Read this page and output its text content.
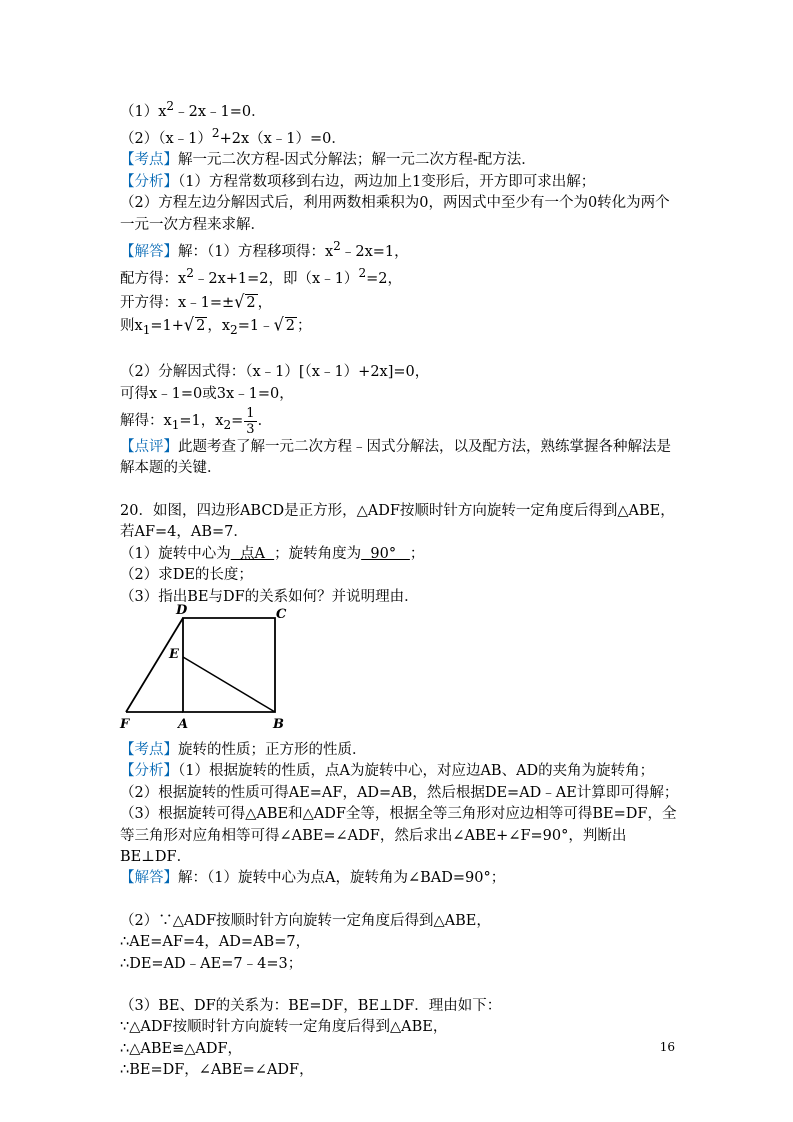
$(1)x^2﹣2x﹣1=0$．
（2）（x﹣1）$^2$+2x（x﹣1）=0．
【考点】解一元二次方程-因式分解法；解一元二次方程-配方法．
【分析】（1）方程常数项移到右边，两边加上1变形后，开方即可求出解；
（2）方程左边分解因式后，利用两数相乘积为0，两因式中至少有一个为0转化为两个一元一次方程来求解．
【解答】解：（1）方程移项得：$x^2﹣2x=1$，
配方得：$x^2﹣2x+1=2$，即（x﹣1）$^2$=2，
开方得：x﹣1=±√ 2 ，
则$x_1=1+√$ 2 ，$x_2=1﹣√$ 2 ；
（2）分解因式得：（x﹣1）[（x﹣1）+2x]=0，
可得x﹣1=0或3x﹣1=0，
解得：$x_1=1$，$x_2= \frac{1}{3}$ ．
【点评】此题考查了解一元二次方程﹣因式分解法，以及配方法，熟练掌握各种解法是解本题的关键．
20．如图，四边形ABCD是正方形，△ADF按顺时针方向旋转一定角度后得到△ABE，若AF=4，AB=7．
（1）旋转中心为  点A  ；旋转角度为  90°   ；
（2）求DE的长度；
（3）指出BE与DF的关系如何？并说明理由．
D	C
E
F	A	B
【考点】旋转的性质；正方形的性质．
【分析】（1）根据旋转的性质，点A为旋转中心，对应边AB、AD的夹角为旋转角；
（2）根据旋转的性质可得AE=AF，AD=AB，然后根据DE=AD﹣AE计算即可得解；
（3）根据旋转可得△ABE和△ADF全等，根据全等三角形对应边相等可得BE=DF，全等三角形对应角相等可得∠ABE=∠ADF，然后求出∠ABE+∠F=90°，判断出BE⊥DF．
【解答】解：（1）旋转中心为点A，旋转角为∠BAD=90°；
（2）∵△ADF按顺时针方向旋转一定角度后得到△ABE，
∴AE=AF=4，AD=AB=7，
∴DE=AD﹣AE=7﹣4=3；
（3）BE、DF的关系为：BE=DF，BE⊥DF．理由如下：
∵△ADF按顺时针方向旋转一定角度后得到△ABE，
∴△ABE≌△ADF，
∴BE=DF，∠ABE=∠ADF，
16
